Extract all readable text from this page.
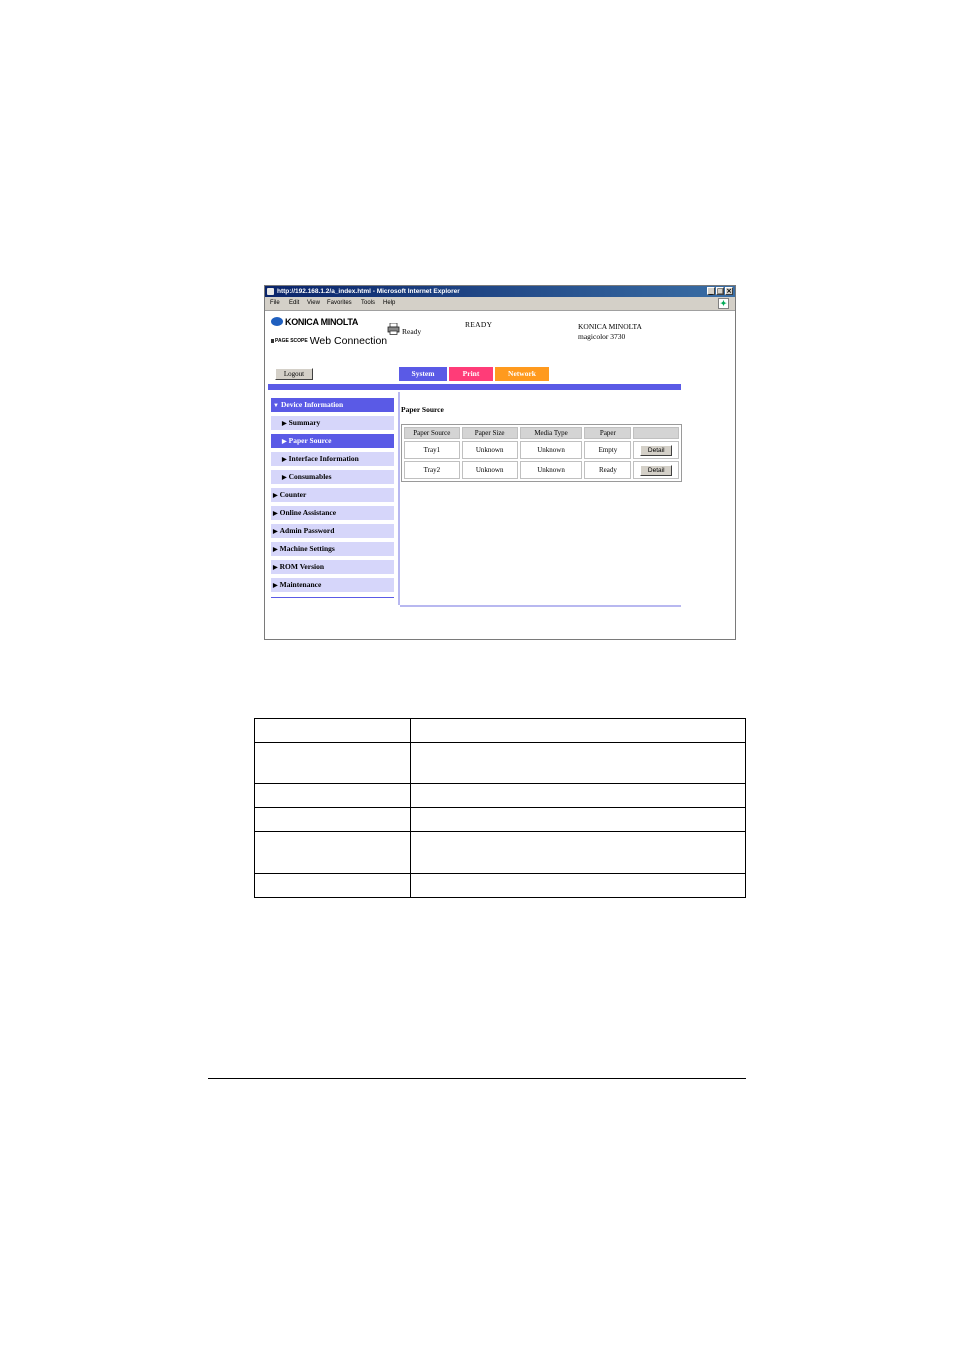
http://192.168.1.2/a_index.html - Microsoft Internet Explorer	_ □ ×
File Edit View Favorites Tools Help	✦
KONICA MINOLTA
PAGE SCOPE Web Connection
Ready
READY	KONICA MINOLTA
magicolor 3730
Logout	System	Print	Network
▼ Device Information
▶ Summary
▶ Paper Source
▶ Interface Information
▶ Consumables
▶ Counter
▶ Online Assistance
▶ Admin Password
▶ Machine Settings
▶ ROM Version
▶ Maintenance
Paper Source
Paper Source	Paper Size	Media Type	Paper	
Tray1	Unknown	Unknown	Empty	Detail
Tray2	Unknown	Unknown	Ready	Detail
